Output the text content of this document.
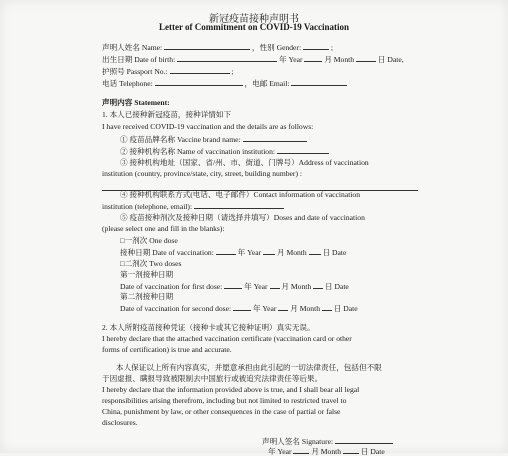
新冠疫苗接种声明书
Letter of Commitment on COVID-19 Vaccination
声明人姓名 Name:	，性别 Gender:	;
出生日期 Date of birth:	年 Year	月 Month	日 Date,
护照号 Passport No.:	;
电话 Telephone:	，电邮 Email:
声明内容 Statement:
1. 本人已接种新冠疫苗，接种详情如下
I have received COVID-19 vaccination and the details are as follows:
① 疫苗品牌名称 Vaccine brand name:
② 接种机构名称 Name of vaccination institution:
③ 接种机构地址（国家、省/州、市、街道、门牌号）Address of vaccination
institution (country, province/state, city, street, building number) :
④ 接种机构联系方式(电话、电子邮件）Contact information of vaccination
institution (telephone, email):
⑤ 疫苗接种剂次及接种日期（请选择并填写）Doses and date of vaccination
(please select one and fill in the blanks):
□一剂次 One dose
接种日期 Date of vaccination:	年 Year 月 Month 日 Date
□二剂次 Two doses
第一剂接种日期
Date of vaccination for first dose:	年 Year 月 Month 日 Date
第二剂接种日期
Date of vaccination for second dose:	年 Year 月 Month 日 Date
2. 本人所附疫苗接种凭证（接种卡或其它接种证明）真实无误。
I hereby declare that the attached vaccination certificate (vaccination card or other
forms of certification) is true and accurate.
本人保证以上所有内容真实，并愿意承担由此引起的一切法律责任，包括但不限
于因虚报、瞒报导致被限制去中国旅行或被追究法律责任等后果。
I hereby declare that the information provided above is true, and I shall bear all legal
responsibilities arising therefrom, including but not limited to restricted travel to
China, punishment by law, or other consequences in the case of partial or false
disclosures.
声明人签名 Signature:
年 Year	月 Month	日 Date
